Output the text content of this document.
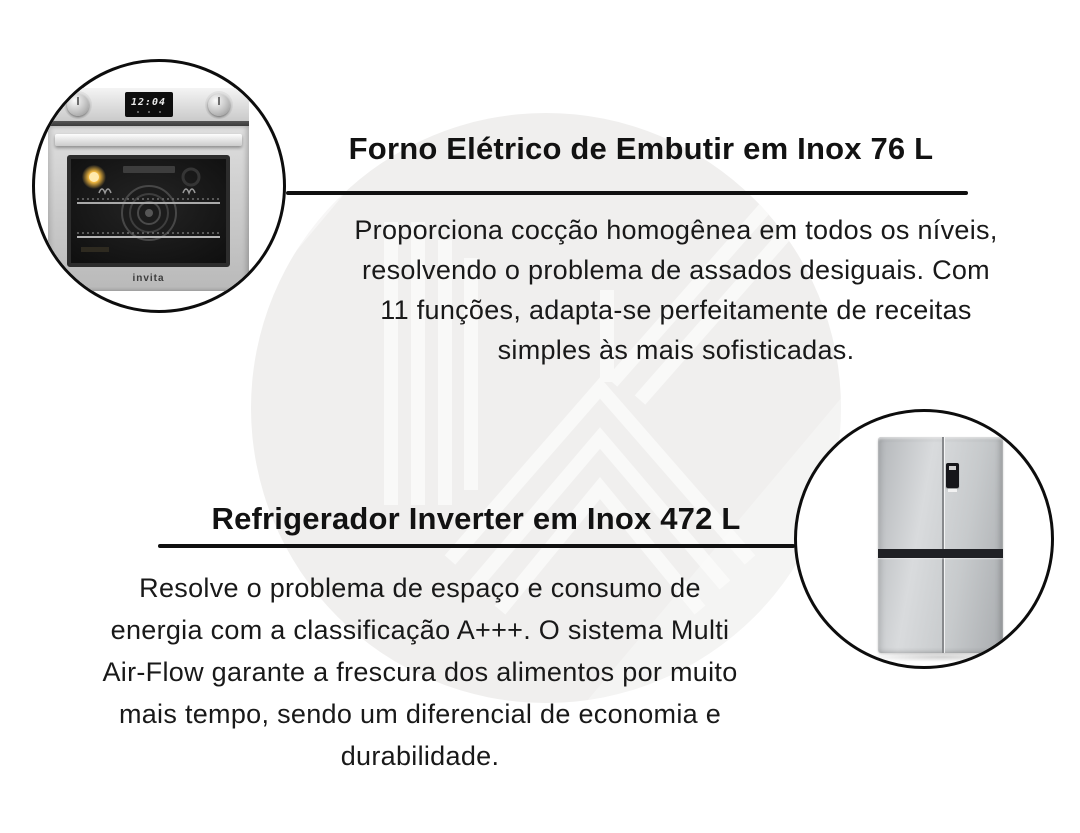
12:04
invita
Forno Elétrico de Embutir em Inox 76 L
Proporciona cocção homogênea em todos os níveis,
resolvendo o problema de assados desiguais. Com
11 funções, adapta-se perfeitamente de receitas
simples às mais sofisticadas.
Refrigerador Inverter em Inox 472 L
Resolve o problema de espaço e consumo de
energia com a classificação A+++. O sistema Multi
Air-Flow garante a frescura dos alimentos por muito
mais tempo, sendo um diferencial de economia e
durabilidade.
